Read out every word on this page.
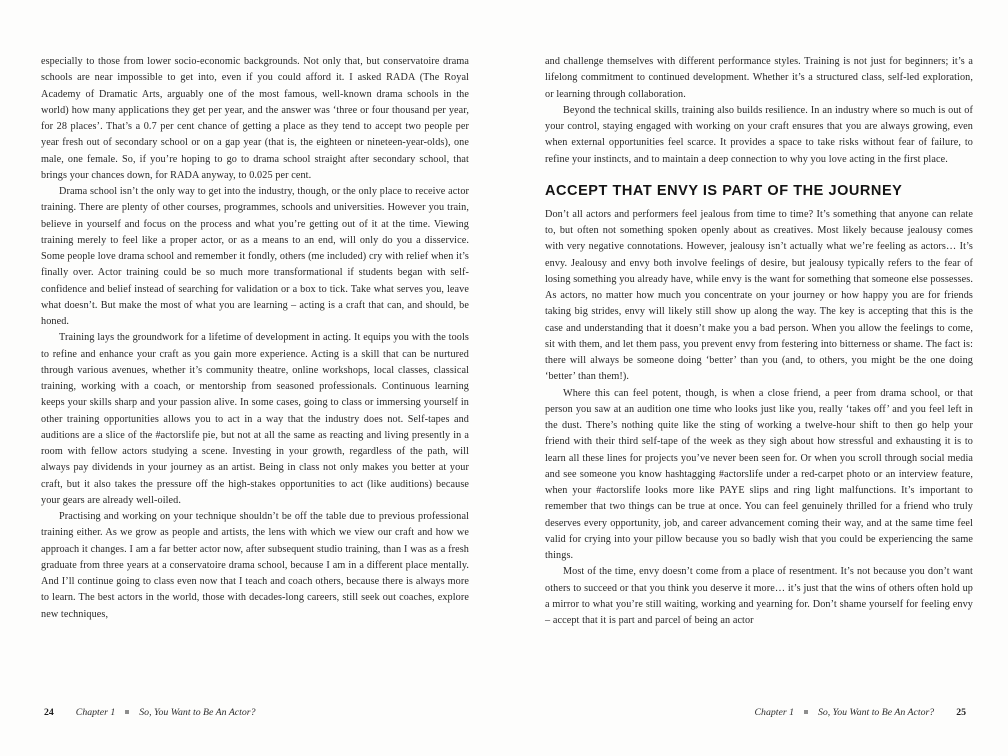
especially to those from lower socio-economic backgrounds. Not only that, but conservatoire drama schools are near impossible to get into, even if you could afford it. I asked RADA (The Royal Academy of Dramatic Arts, arguably one of the most famous, well-known drama schools in the world) how many applications they get per year, and the answer was ‘three or four thousand per year, for 28 places’. That’s a 0.7 per cent chance of getting a place as they tend to accept two people per year fresh out of secondary school or on a gap year (that is, the eighteen or nineteen-year-olds), one male, one female. So, if you’re hoping to go to drama school straight after secondary school, that brings your chances down, for RADA anyway, to 0.025 per cent.

Drama school isn’t the only way to get into the industry, though, or the only place to receive actor training. There are plenty of other courses, programmes, schools and universities. However you train, believe in yourself and focus on the process and what you’re getting out of it at the time. Viewing training merely to feel like a proper actor, or as a means to an end, will only do you a disservice. Some people love drama school and remember it fondly, others (me included) cry with relief when it’s finally over. Actor training could be so much more transformational if students began with self-confidence and belief instead of searching for validation or a box to tick. Take what serves you, leave what doesn’t. But make the most of what you are learning – acting is a craft that can, and should, be honed.

Training lays the groundwork for a lifetime of development in acting. It equips you with the tools to refine and enhance your craft as you gain more experience. Acting is a skill that can be nurtured through various avenues, whether it’s community theatre, online workshops, local classes, classical training, working with a coach, or mentorship from seasoned professionals. Continuous learning keeps your skills sharp and your passion alive. In some cases, going to class or immersing yourself in other training opportunities allows you to act in a way that the industry does not. Self-tapes and auditions are a slice of the #actorslife pie, but not at all the same as reacting and living presently in a room with fellow actors studying a scene. Investing in your growth, regardless of the path, will always pay dividends in your journey as an artist. Being in class not only makes you better at your craft, but it also takes the pressure off the high-stakes opportunities to act (like auditions) because your gears are already well-oiled.

Practising and working on your technique shouldn’t be off the table due to previous professional training either. As we grow as people and artists, the lens with which we view our craft and how we approach it changes. I am a far better actor now, after subsequent studio training, than I was as a fresh graduate from three years at a conservatoire drama school, because I am in a different place mentally. And I’ll continue going to class even now that I teach and coach others, because there is always more to learn. The best actors in the world, those with decades-long careers, still seek out coaches, explore new techniques,

24 Chapter 1 So, You Want to Be An Actor?

and challenge themselves with different performance styles. Training is not just for beginners; it’s a lifelong commitment to continued development. Whether it’s a structured class, self-led exploration, or learning through collaboration.

Beyond the technical skills, training also builds resilience. In an industry where so much is out of your control, staying engaged with working on your craft ensures that you are always growing, even when external opportunities feel scarce. It provides a space to take risks without fear of failure, to refine your instincts, and to maintain a deep connection to why you love acting in the first place.

ACCEPT THAT ENVY IS PART OF THE JOURNEY

Don’t all actors and performers feel jealous from time to time? It’s something that anyone can relate to, but often not something spoken openly about as creatives. Most likely because jealousy comes with very negative connotations. However, jealousy isn’t actually what we’re feeling as actors… It’s envy. Jealousy and envy both involve feelings of desire, but jealousy typically refers to the fear of losing something you already have, while envy is the want for something that someone else possesses. As actors, no matter how much you concentrate on your journey or how happy you are for friends taking big strides, envy will likely still show up along the way. The key is accepting that this is the case and understanding that it doesn’t make you a bad person. When you allow the feelings to come, sit with them, and let them pass, you prevent envy from festering into bitterness or shame. The fact is: there will always be someone doing ‘better’ than you (and, to others, you might be the one doing ‘better’ than them!).

Where this can feel potent, though, is when a close friend, a peer from drama school, or that person you saw at an audition one time who looks just like you, really ‘takes off’ and you feel left in the dust. There’s nothing quite like the sting of working a twelve-hour shift to then go help your friend with their third self-tape of the week as they sigh about how stressful and exhausting it is to learn all these lines for projects you’ve never been seen for. Or when you scroll through social media and see someone you know hashtagging #actorslife under a red-carpet photo or an interview feature, when your #actorslife looks more like PAYE slips and ring light malfunctions. It’s important to remember that two things can be true at once. You can feel genuinely thrilled for a friend who truly deserves every opportunity, job, and career advancement coming their way, and at the same time feel valid for crying into your pillow because you so badly wish that you could be experiencing the same things.

Most of the time, envy doesn’t come from a place of resentment. It’s not because you don’t want others to succeed or that you think you deserve it more… it’s just that the wins of others often hold up a mirror to what you’re still waiting, working and yearning for. Don’t shame yourself for feeling envy – accept that it is part and parcel of being an actor

Chapter 1 So, You Want to Be An Actor? 25
